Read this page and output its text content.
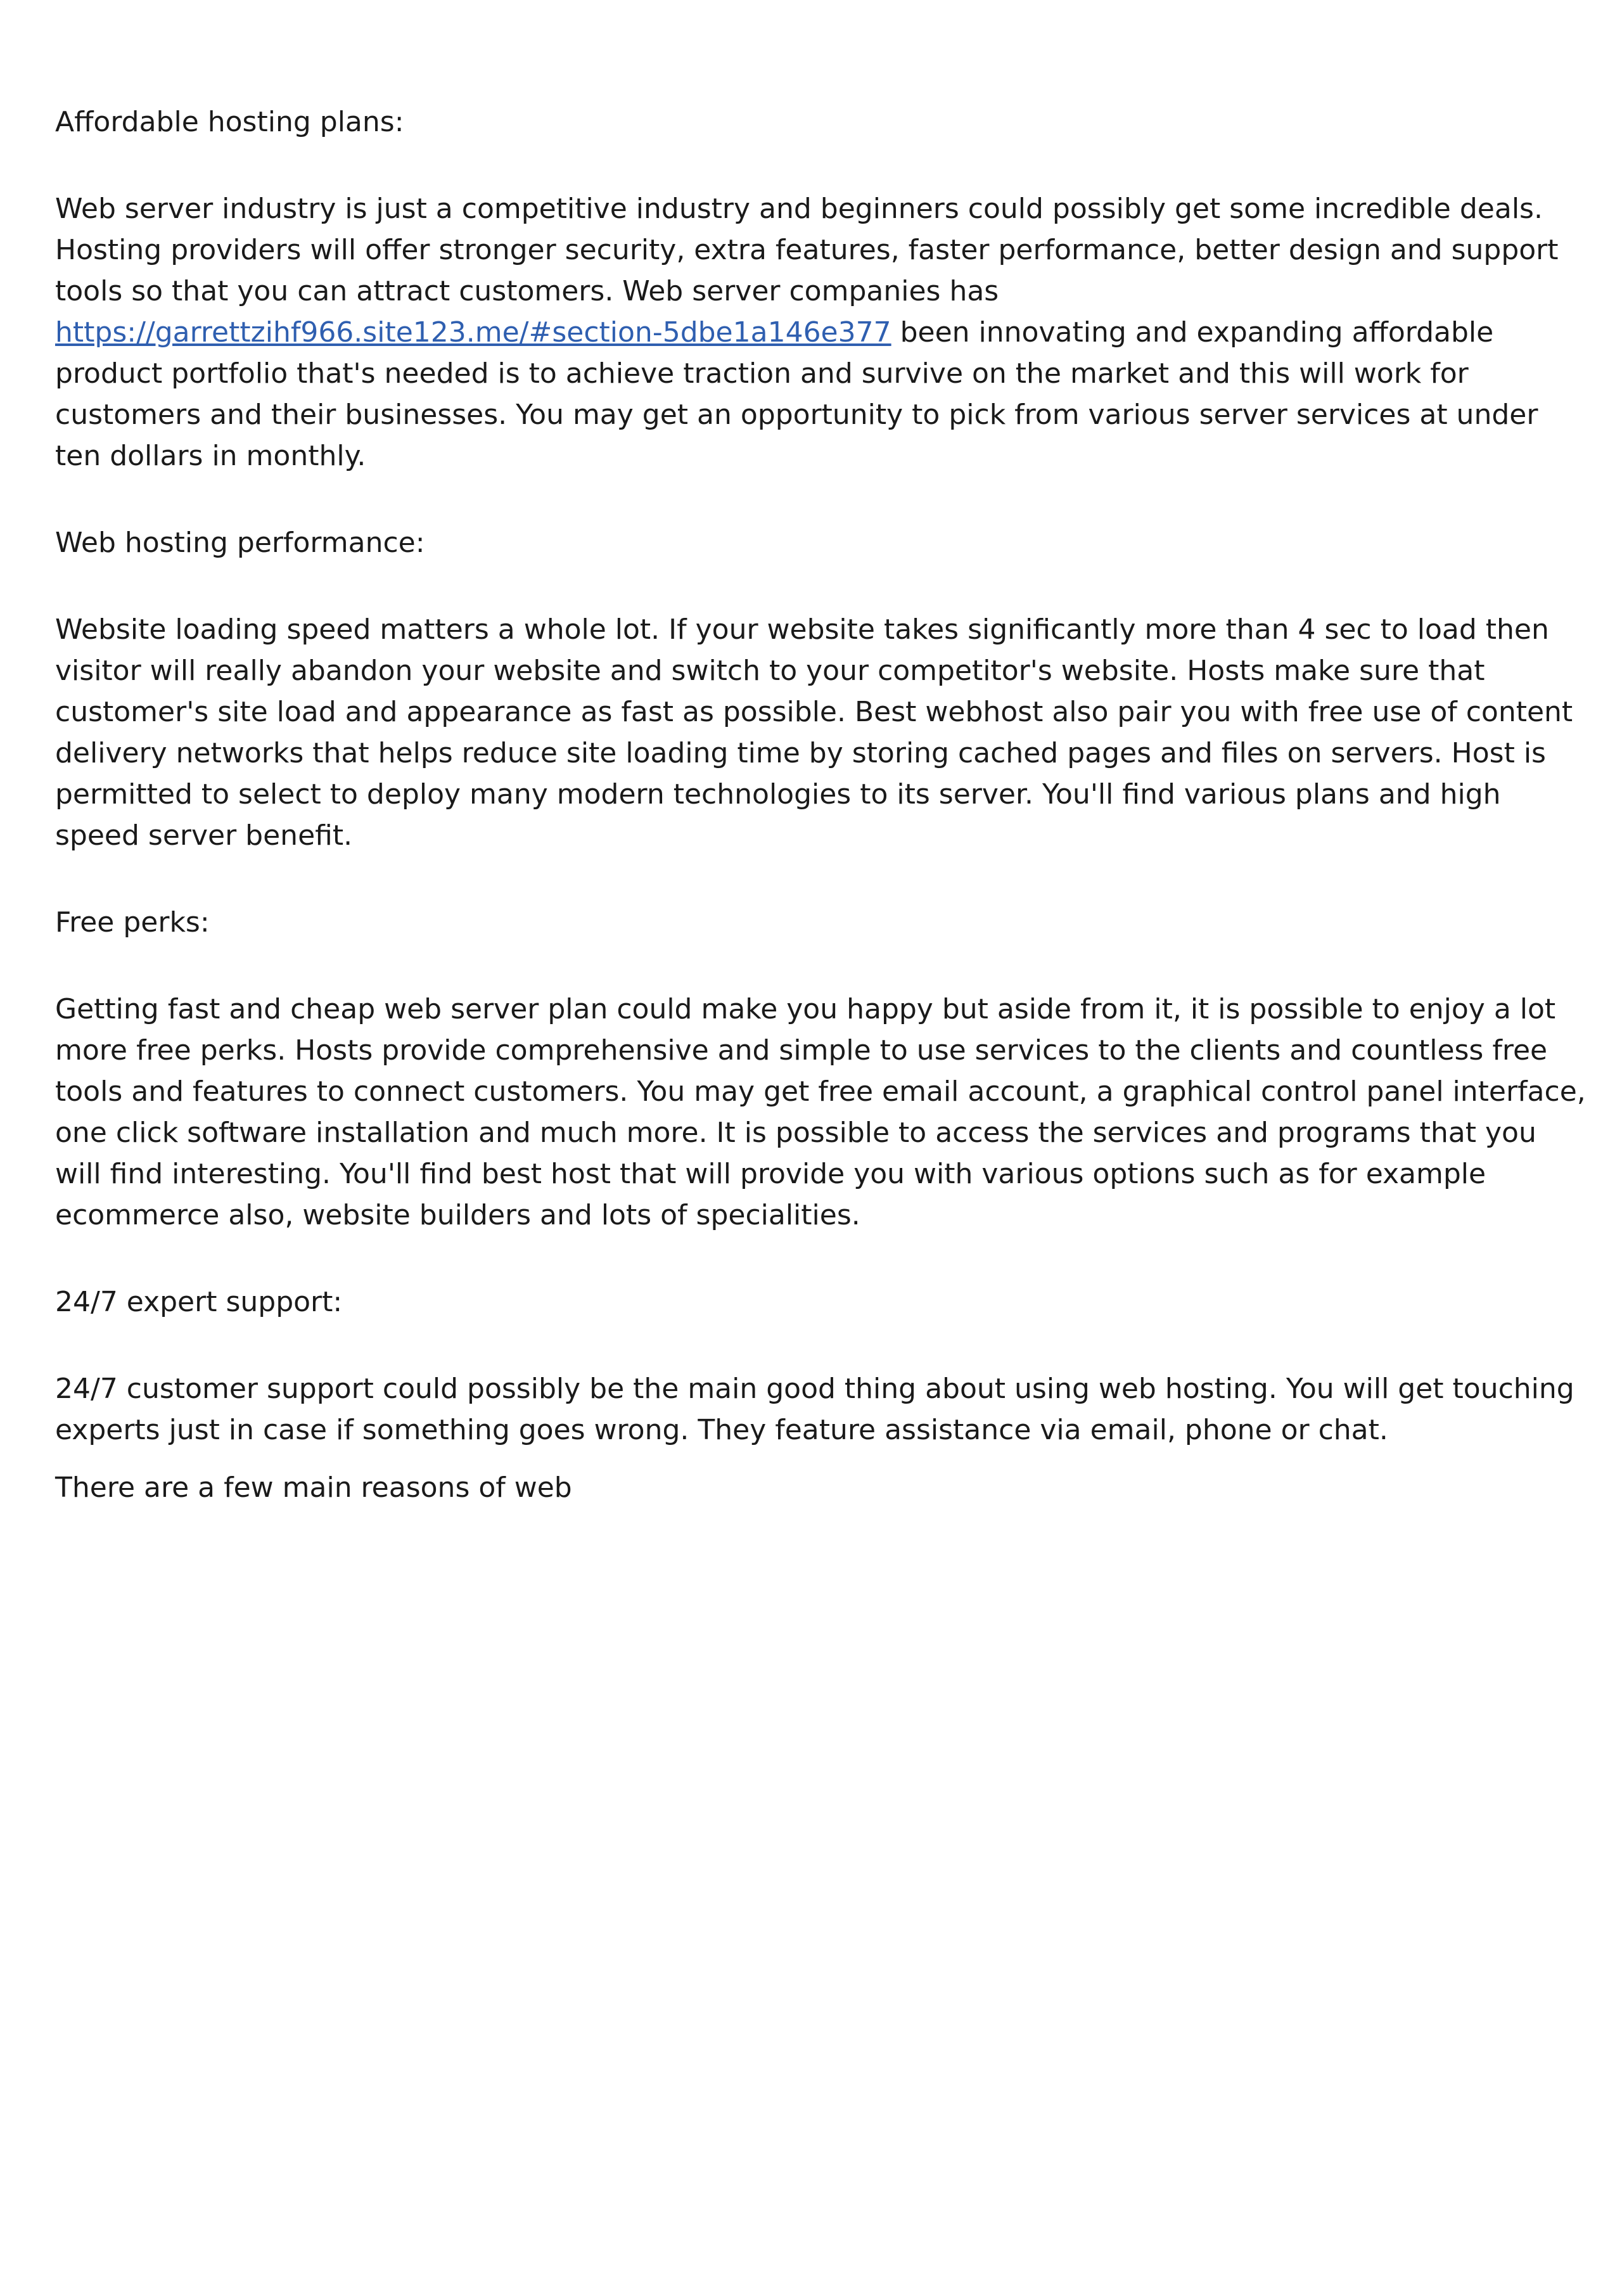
Affordable hosting plans:

Web server industry is just a competitive industry and beginners could possibly get some incredible deals. Hosting providers will offer stronger security, extra features, faster performance, better design and support tools so that you can attract customers. Web server companies has https://garrettzihf966.site123.me/#section-5dbe1a146e377 been innovating and expanding affordable product portfolio that's needed is to achieve traction and survive on the market and this will work for customers and their businesses. You may get an opportunity to pick from various server services at under ten dollars in monthly.

Web hosting performance:

Website loading speed matters a whole lot. If your website takes significantly more than 4 sec to load then visitor will really abandon your website and switch to your competitor's website. Hosts make sure that customer's site load and appearance as fast as possible. Best webhost also pair you with free use of content delivery networks that helps reduce site loading time by storing cached pages and files on servers. Host is permitted to select to deploy many modern technologies to its server. You'll find various plans and high speed server benefit.

Free perks:

Getting fast and cheap web server plan could make you happy but aside from it, it is possible to enjoy a lot more free perks. Hosts provide comprehensive and simple to use services to the clients and countless free tools and features to connect customers. You may get free email account, a graphical control panel interface, one click software installation and much more. It is possible to access the services and programs that you will find interesting. You'll find best host that will provide you with various options such as for example ecommerce also, website builders and lots of specialities.

24/7 expert support:

24/7 customer support could possibly be the main good thing about using web hosting. You will get touching experts just in case if something goes wrong. They feature assistance via email, phone or chat.

There are a few main reasons of web
